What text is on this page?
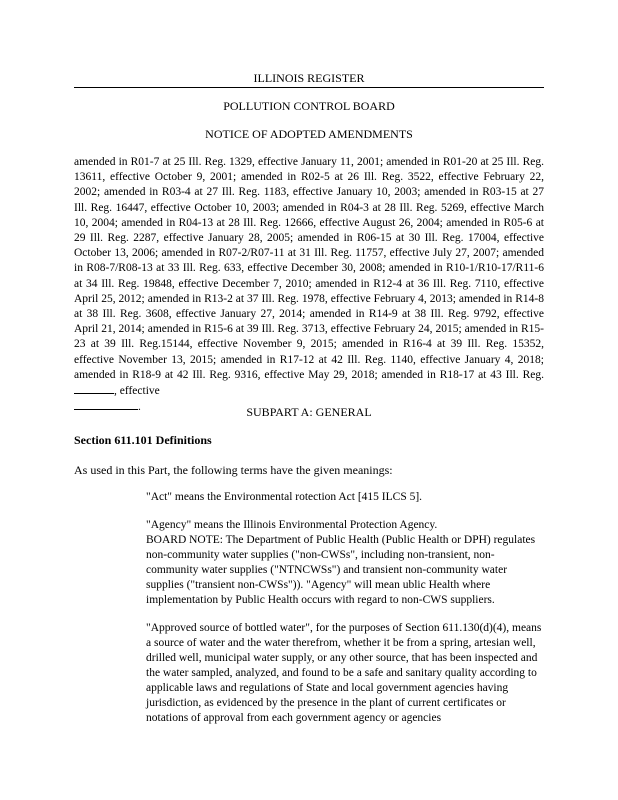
ILLINOIS REGISTER
POLLUTION CONTROL BOARD
NOTICE OF ADOPTED AMENDMENTS

amended in R01-7 at 25 Ill. Reg. 1329, effective January 11, 2001; amended in R01-20 at 25 Ill. Reg. 13611, effective October 9, 2001; amended in R02-5 at 26 Ill. Reg. 3522, effective February 22, 2002; amended in R03-4 at 27 Ill. Reg. 1183, effective January 10, 2003; amended in R03-15 at 27 Ill. Reg. 16447, effective October 10, 2003; amended in R04-3 at 28 Ill. Reg. 5269, effective March 10, 2004; amended in R04-13 at 28 Ill. Reg. 12666, effective August 26, 2004; amended in R05-6 at 29 Ill. Reg. 2287, effective January 28, 2005; amended in R06-15 at 30 Ill. Reg. 17004, effective October 13, 2006; amended in R07-2/R07-11 at 31 Ill. Reg. 11757, effective July 27, 2007; amended in R08-7/R08-13 at 33 Ill. Reg. 633, effective December 30, 2008; amended in R10-1/R10-17/R11-6 at 34 Ill. Reg. 19848, effective December 7, 2010; amended in R12-4 at 36 Ill. Reg. 7110, effective April 25, 2012; amended in R13-2 at 37 Ill. Reg. 1978, effective February 4, 2013; amended in R14-8 at 38 Ill. Reg. 3608, effective January 27, 2014; amended in R14-9 at 38 Ill. Reg. 9792, effective April 21, 2014; amended in R15-6 at 39 Ill. Reg. 3713, effective February 24, 2015; amended in R15-23 at 39 Ill. Reg.15144, effective November 9, 2015; amended in R16-4 at 39 Ill. Reg. 15352, effective November 13, 2015; amended in R17-12 at 42 Ill. Reg. 1140, effective January 4, 2018; amended in R18-9 at 42 Ill. Reg. 9316, effective May 29, 2018; amended in R18-17 at 43 Ill. Reg. , effective
.	SUBPART A: GENERAL
Section 611.101 Definitions

As used in this Part, the following terms have the given meanings:

"Act" means the Environmental rotection Act [415 ILCS 5].

"Agency" means the Illinois Environmental Protection Agency.

BOARD NOTE: The Department of Public Health (Public Health or DPH) regulates non-community water supplies ("non-CWSs", including non-transient, non-community water supplies ("NTNCWSs") and transient non-community water supplies ("transient non-CWSs")). "Agency" will mean ublic Health where implementation by Public Health occurs with regard to non-CWS suppliers.

"Approved source of bottled water", for the purposes of Section 611.130(d)(4), means a source of water and the water therefrom, whether it be from a spring, artesian well, drilled well, municipal water supply, or any other source, that has been inspected and the water sampled, analyzed, and found to be a safe and sanitary quality according to applicable laws and regulations of State and local government agencies having jurisdiction, as evidenced by the presence in the plant of current certificates or notations of approval from each government agency or agencies
